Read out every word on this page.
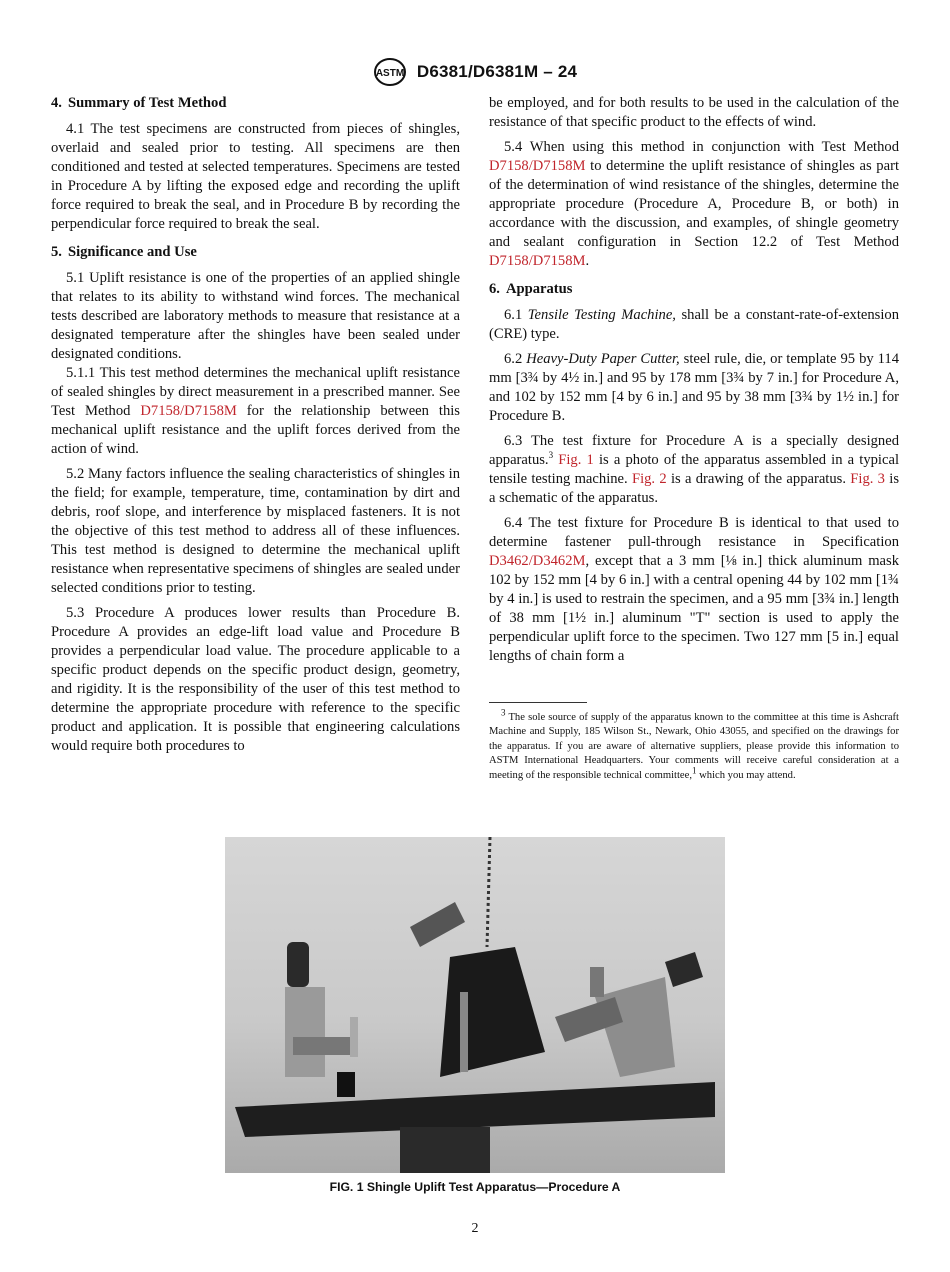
ASTM D6381/D6381M – 24
4. Summary of Test Method

4.1 The test specimens are constructed from pieces of shingles, overlaid and sealed prior to testing. All specimens are then conditioned and tested at selected temperatures. Specimens are tested in Procedure A by lifting the exposed edge and recording the uplift force required to break the seal, and in Procedure B by recording the perpendicular force required to break the seal.

5. Significance and Use

5.1 Uplift resistance is one of the properties of an applied shingle that relates to its ability to withstand wind forces. The mechanical tests described are laboratory methods to measure that resistance at a designated temperature after the shingles have been sealed under designated conditions.

5.1.1 This test method determines the mechanical uplift resistance of sealed shingles by direct measurement in a prescribed manner. See Test Method D7158/D7158M for the relationship between this mechanical uplift resistance and the uplift forces derived from the action of wind.

5.2 Many factors influence the sealing characteristics of shingles in the field; for example, temperature, time, contamination by dirt and debris, roof slope, and interference by misplaced fasteners. It is not the objective of this test method to address all of these influences. This test method is designed to determine the mechanical uplift resistance when representative specimens of shingles are sealed under selected conditions prior to testing.

5.3 Procedure A produces lower results than Procedure B. Procedure A provides an edge-lift load value and Procedure B provides a perpendicular load value. The procedure applicable to a specific product depends on the specific product design, geometry, and rigidity. It is the responsibility of the user of this test method to determine the appropriate procedure with reference to the specific product and application. It is possible that engineering calculations would require both procedures to

be employed, and for both results to be used in the calculation of the resistance of that specific product to the effects of wind.

5.4 When using this method in conjunction with Test Method D7158/D7158M to determine the uplift resistance of shingles as part of the determination of wind resistance of the shingles, determine the appropriate procedure (Procedure A, Procedure B, or both) in accordance with the discussion, and examples, of shingle geometry and sealant configuration in Section 12.2 of Test Method D7158/D7158M.

6. Apparatus

6.1 Tensile Testing Machine, shall be a constant-rate-of-extension (CRE) type.

6.2 Heavy-Duty Paper Cutter, steel rule, die, or template 95 by 114 mm [3¾ by 4½ in.] and 95 by 178 mm [3¾ by 7 in.] for Procedure A, and 102 by 152 mm [4 by 6 in.] and 95 by 38 mm [3¾ by 1½ in.] for Procedure B.

6.3 The test fixture for Procedure A is a specially designed apparatus.$^3$ Fig. 1 is a photo of the apparatus assembled in a typical tensile testing machine. Fig. 2 is a drawing of the apparatus. Fig. 3 is a schematic of the apparatus.

6.4 The test fixture for Procedure B is identical to that used to determine fastener pull-through resistance in Specification D3462/D3462M, except that a 3 mm [⅛ in.] thick aluminum mask 102 by 152 mm [4 by 6 in.] with a central opening 44 by 102 mm [1¾ by 4 in.] is used to restrain the specimen, and a 95 mm [3¾ in.] length of 38 mm [1½ in.] aluminum "T" section is used to apply the perpendicular uplift force to the specimen. Two 127 mm [5 in.] equal lengths of chain form a

$^3$ The sole source of supply of the apparatus known to the committee at this time is Ashcraft Machine and Supply, 185 Wilson St., Newark, Ohio 43055, and specified on the drawings for the apparatus. If you are aware of alternative suppliers, please provide this information to ASTM International Headquarters. Your comments will receive careful consideration at a meeting of the responsible technical committee,$^1$ which you may attend.

FIG. 1 Shingle Uplift Test Apparatus—Procedure A
2
